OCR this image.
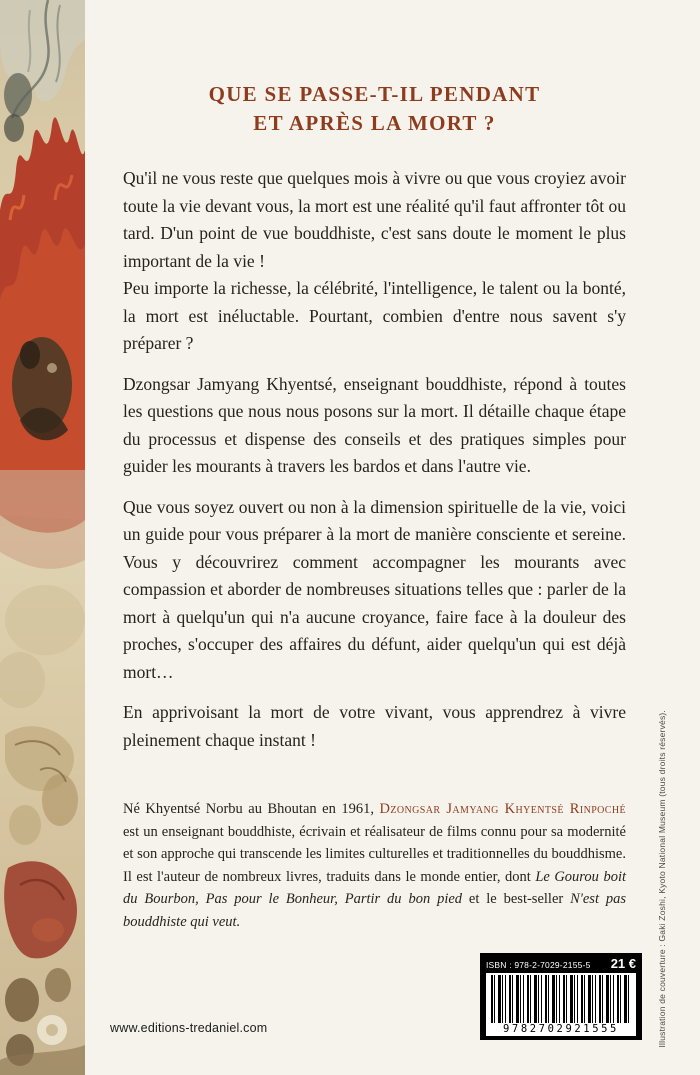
QUE SE PASSE-T-IL PENDANT
ET APRÈS LA MORT ?

Qu'il ne vous reste que quelques mois à vivre ou que vous croyiez avoir toute la vie devant vous, la mort est une réalité qu'il faut affronter tôt ou tard. D'un point de vue bouddhiste, c'est sans doute le moment le plus important de la vie !

Peu importe la richesse, la célébrité, l'intelligence, le talent ou la bonté, la mort est inéluctable. Pourtant, combien d'entre nous savent s'y préparer ?

Dzongsar Jamyang Khyentsé, enseignant bouddhiste, répond à toutes les questions que nous nous posons sur la mort. Il détaille chaque étape du processus et dispense des conseils et des pratiques simples pour guider les mourants à travers les bardos et dans l'autre vie.

Que vous soyez ouvert ou non à la dimension spirituelle de la vie, voici un guide pour vous préparer à la mort de manière consciente et sereine. Vous y découvrirez comment accompagner les mourants avec compassion et aborder de nombreuses situations telles que : parler de la mort à quelqu'un qui n'a aucune croyance, faire face à la douleur des proches, s'occuper des affaires du défunt, aider quelqu'un qui est déjà mort…

En apprivoisant la mort de votre vivant, vous apprendrez à vivre pleinement chaque instant !

Né Khyentsé Norbu au Bhoutan en 1961, Dzongsar Jamyang Khyentsé Rinpoché est un enseignant bouddhiste, écrivain et réalisateur de films connu pour sa modernité et son approche qui transcende les limites culturelles et traditionnelles du bouddhisme. Il est l'auteur de nombreux livres, traduits dans le monde entier, dont Le Gourou boit du Bourbon, Pas pour le Bonheur, Partir du bon pied et le best-seller N'est pas bouddhiste qui veut.

www.editions-tredaniel.com
ISBN : 978-2-7029-2155-5 21 €
9782702921555	Illustration de couverture : Gaki Zoshi, Kyoto National Museum (tous droits réservés).
